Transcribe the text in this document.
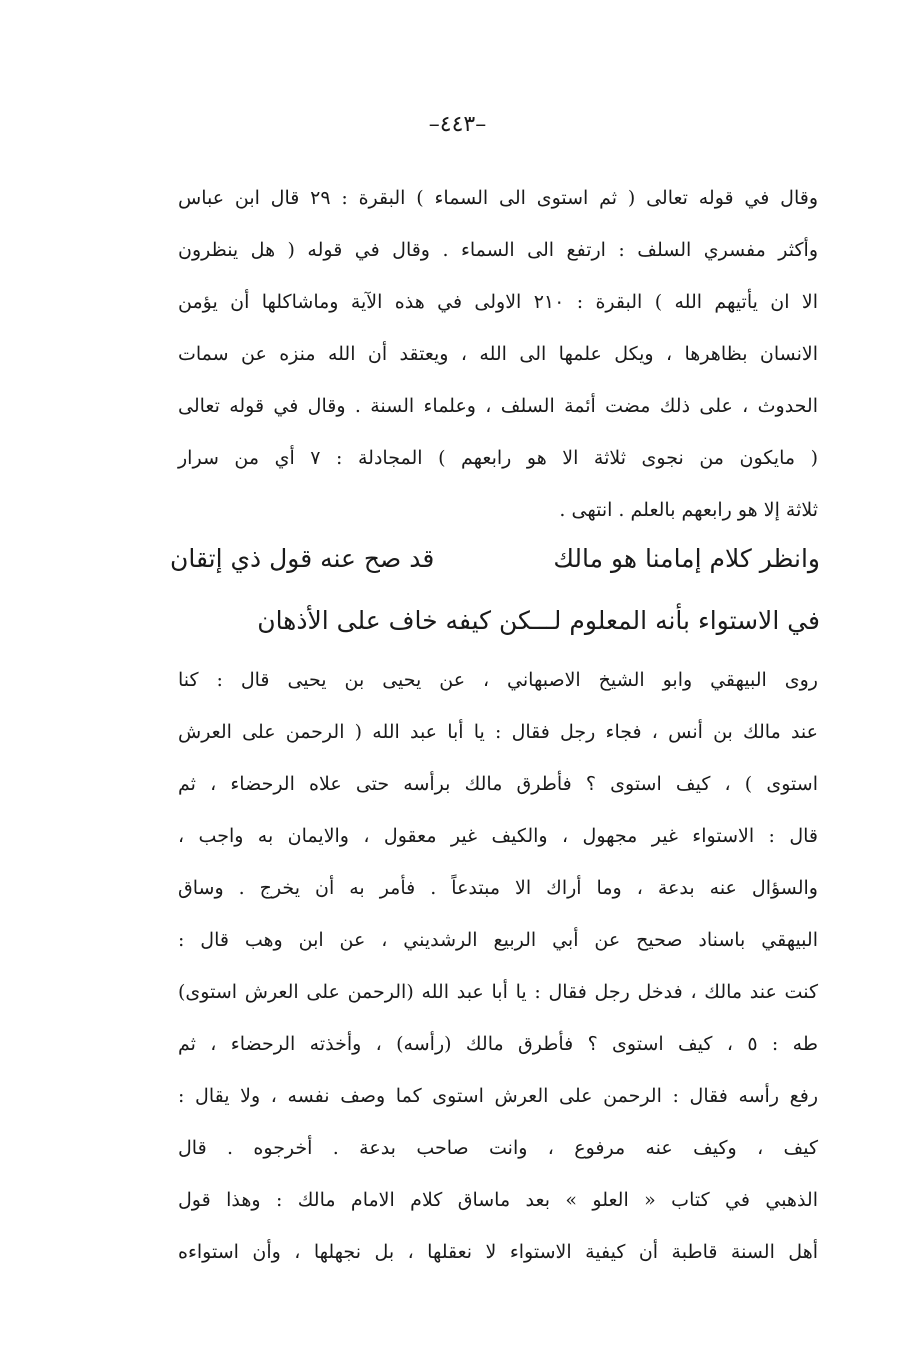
–٤٤٣–
وقال في قوله تعالى ( ثم استوى الى السماء ) البقرة : ٢٩ قال ابن عباس
وأكثر مفسري السلف : ارتفع الى السماء . وقال في قوله ( هل ينظرون
الا ان يأتيهم الله ) البقرة : ٢١٠ الاولى في هذه الآية وماشاكلها أن يؤمن
الانسان بظاهرها ، ويكل علمها الى الله ، ويعتقد أن الله منزه عن سمات
الحدوث ، على ذلك مضت أئمة السلف ، وعلماء السنة . وقال في قوله تعالى
( مايكون من نجوى ثلاثة الا هو رابعهم ) المجادلة : ٧ أي من سرار
ثلاثة إلا هو رابعهم بالعلم . انتهى .
وانظر كلام إمامنا هو مالك
قد صح عنه قول ذي إتقان
في الاستواء بأنه المعلوم لـــكن كيفه خاف على الأذهان
روى البيهقي وابو الشيخ الاصبهاني ، عن يحيى بن يحيى قال : كنا
عند مالك بن أنس ، فجاء رجل فقال : يا أبا عبد الله ( الرحمن على العرش
استوى ) ، كيف استوى ؟ فأطرق مالك برأسه حتى علاه الرحضاء ، ثم
قال : الاستواء غير مجهول ، والكيف غير معقول ، والايمان به واجب ،
والسؤال عنه بدعة ، وما أراك الا مبتدعاً . فأمر به أن يخرج . وساق
البيهقي باسناد صحيح عن أبي الربيع الرشديني ، عن ابن وهب قال :
كنت عند مالك ، فدخل رجل فقال : يا أبا عبد الله (الرحمن على العرش استوى)
طه : ٥ ، كيف استوى ؟ فأطرق مالك (رأسه) ، وأخذته الرحضاء ، ثم
رفع رأسه فقال : الرحمن على العرش استوى كما وصف نفسه ، ولا يقال :
كيف ، وكيف عنه مرفوع ، وانت صاحب بدعة . أخرجوه . قال
الذهبي في كتاب « العلو » بعد ماساق كلام الامام مالك : وهذا قول
أهل السنة قاطبة أن كيفية الاستواء لا نعقلها ، بل نجهلها ، وأن استواءه
